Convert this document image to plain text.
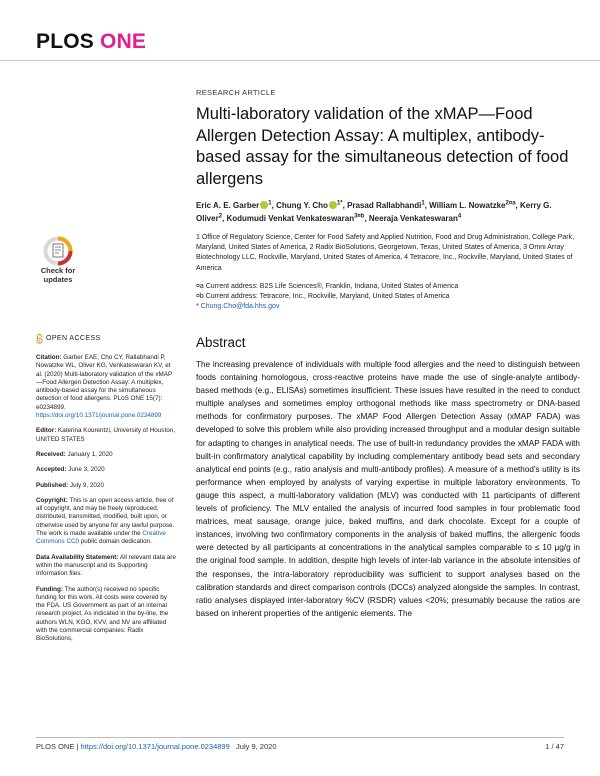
PLOS ONE
Check for
updates
RESEARCH ARTICLE
Multi-laboratory validation of the xMAP—Food Allergen Detection Assay: A multiplex, antibody-based assay for the simultaneous detection of food allergens
Eric A. E. Garber $^1$, Chung Y. Cho $^{1*}$, Prasad Rallabhandi$^1$, William L. Nowatzke$^{2¤a}$, Kerry G. Oliver$^2$, Kodumudi Venkat Venkateswaran$^{3¤b}$, Neeraja Venkateswaran$^4$
1 Office of Regulatory Science, Center for Food Safety and Applied Nutrition, Food and Drug Administration, College Park, Maryland, United States of America, 2 Radix BioSolutions, Georgetown, Texas, United States of America, 3 Omni Array Biotechnology LLC, Rockville, Maryland, United States of America, 4 Tetracore, Inc., Rockville, Maryland, United States of America
¤a Current address: B2S Life Sciences®, Franklin, Indiana, United States of America
¤b Current address: Tetracore, Inc., Rockville, Maryland, United States of America
* Chung.Cho@fda.hhs.gov
Abstract

The increasing prevalence of individuals with multiple food allergies and the need to distinguish between foods containing homologous, cross-reactive proteins have made the use of single-analyte antibody-based methods (e.g., ELISAs) sometimes insufficient. These issues have resulted in the need to conduct multiple analyses and sometimes employ orthogonal methods like mass spectrometry or DNA-based methods for confirmatory purposes. The xMAP Food Allergen Detection Assay (xMAP FADA) was developed to solve this problem while also providing increased throughput and a modular design suitable for adapting to changes in analytical needs. The use of built-in redundancy provides the xMAP FADA with built-in confirmatory analytical capability by including complementary antibody bead sets and secondary analytical end points (e.g., ratio analysis and multi-antibody profiles). A measure of a method's utility is its performance when employed by analysts of varying expertise in multiple laboratory environments. To gauge this aspect, a multi-laboratory validation (MLV) was conducted with 11 participants of different levels of proficiency. The MLV entailed the analysis of incurred food samples in four problematic food matrices, meat sausage, orange juice, baked muffins, and dark chocolate. Except for a couple of instances, involving two confirmatory components in the analysis of baked muffins, the allergenic foods were detected by all participants at concentrations in the analytical samples comparable to ≤ 10 μg/g in the original food sample. In addition, despite high levels of inter-lab variance in the absolute intensities of the responses, the intra-laboratory reproducibility was sufficient to support analyses based on the calibration standards and direct comparison controls (DCCs) analyzed alongside the samples. In contrast, ratio analyses displayed inter-laboratory %CV (RSDR) values <20%; presumably because the ratios are based on inherent properties of the antigenic elements. The

OPEN ACCESS
Citation: Garber EAE, Cho CY, Rallabhandi P, Nowatzke WL, Oliver KG, Venkateswaran KV, et al. (2020) Multi-laboratory validation of the xMAP—Food Allergen Detection Assay: A multiplex, antibody-based assay for the simultaneous detection of food allergens. PLoS ONE 15(7): e0234899. https://doi.org/10.1371/journal.pone.0234899
Editor: Katerina Kourentzi, University of Houston, UNITED STATES
Received: January 1, 2020
Accepted: June 3, 2020
Published: July 9, 2020
Copyright: This is an open access article, free of all copyright, and may be freely reproduced, distributed, transmitted, modified, built upon, or otherwise used by anyone for any lawful purpose. The work is made available under the Creative Commons CC0 public domain dedication.
Data Availability Statement: All relevant data are within the manuscript and its Supporting Information files.
Funding: The author(s) received no specific funding for this work. All costs were covered by the FDA. US Government as part of an internal research project. As indicated in the by-line, the authors WLN, KGO, KVV, and NV are affiliated with the commercial companies: Radix BioSolutions,
PLOS ONE | https://doi.org/10.1371/journal.pone.0234899 July 9, 2020	1 / 47
